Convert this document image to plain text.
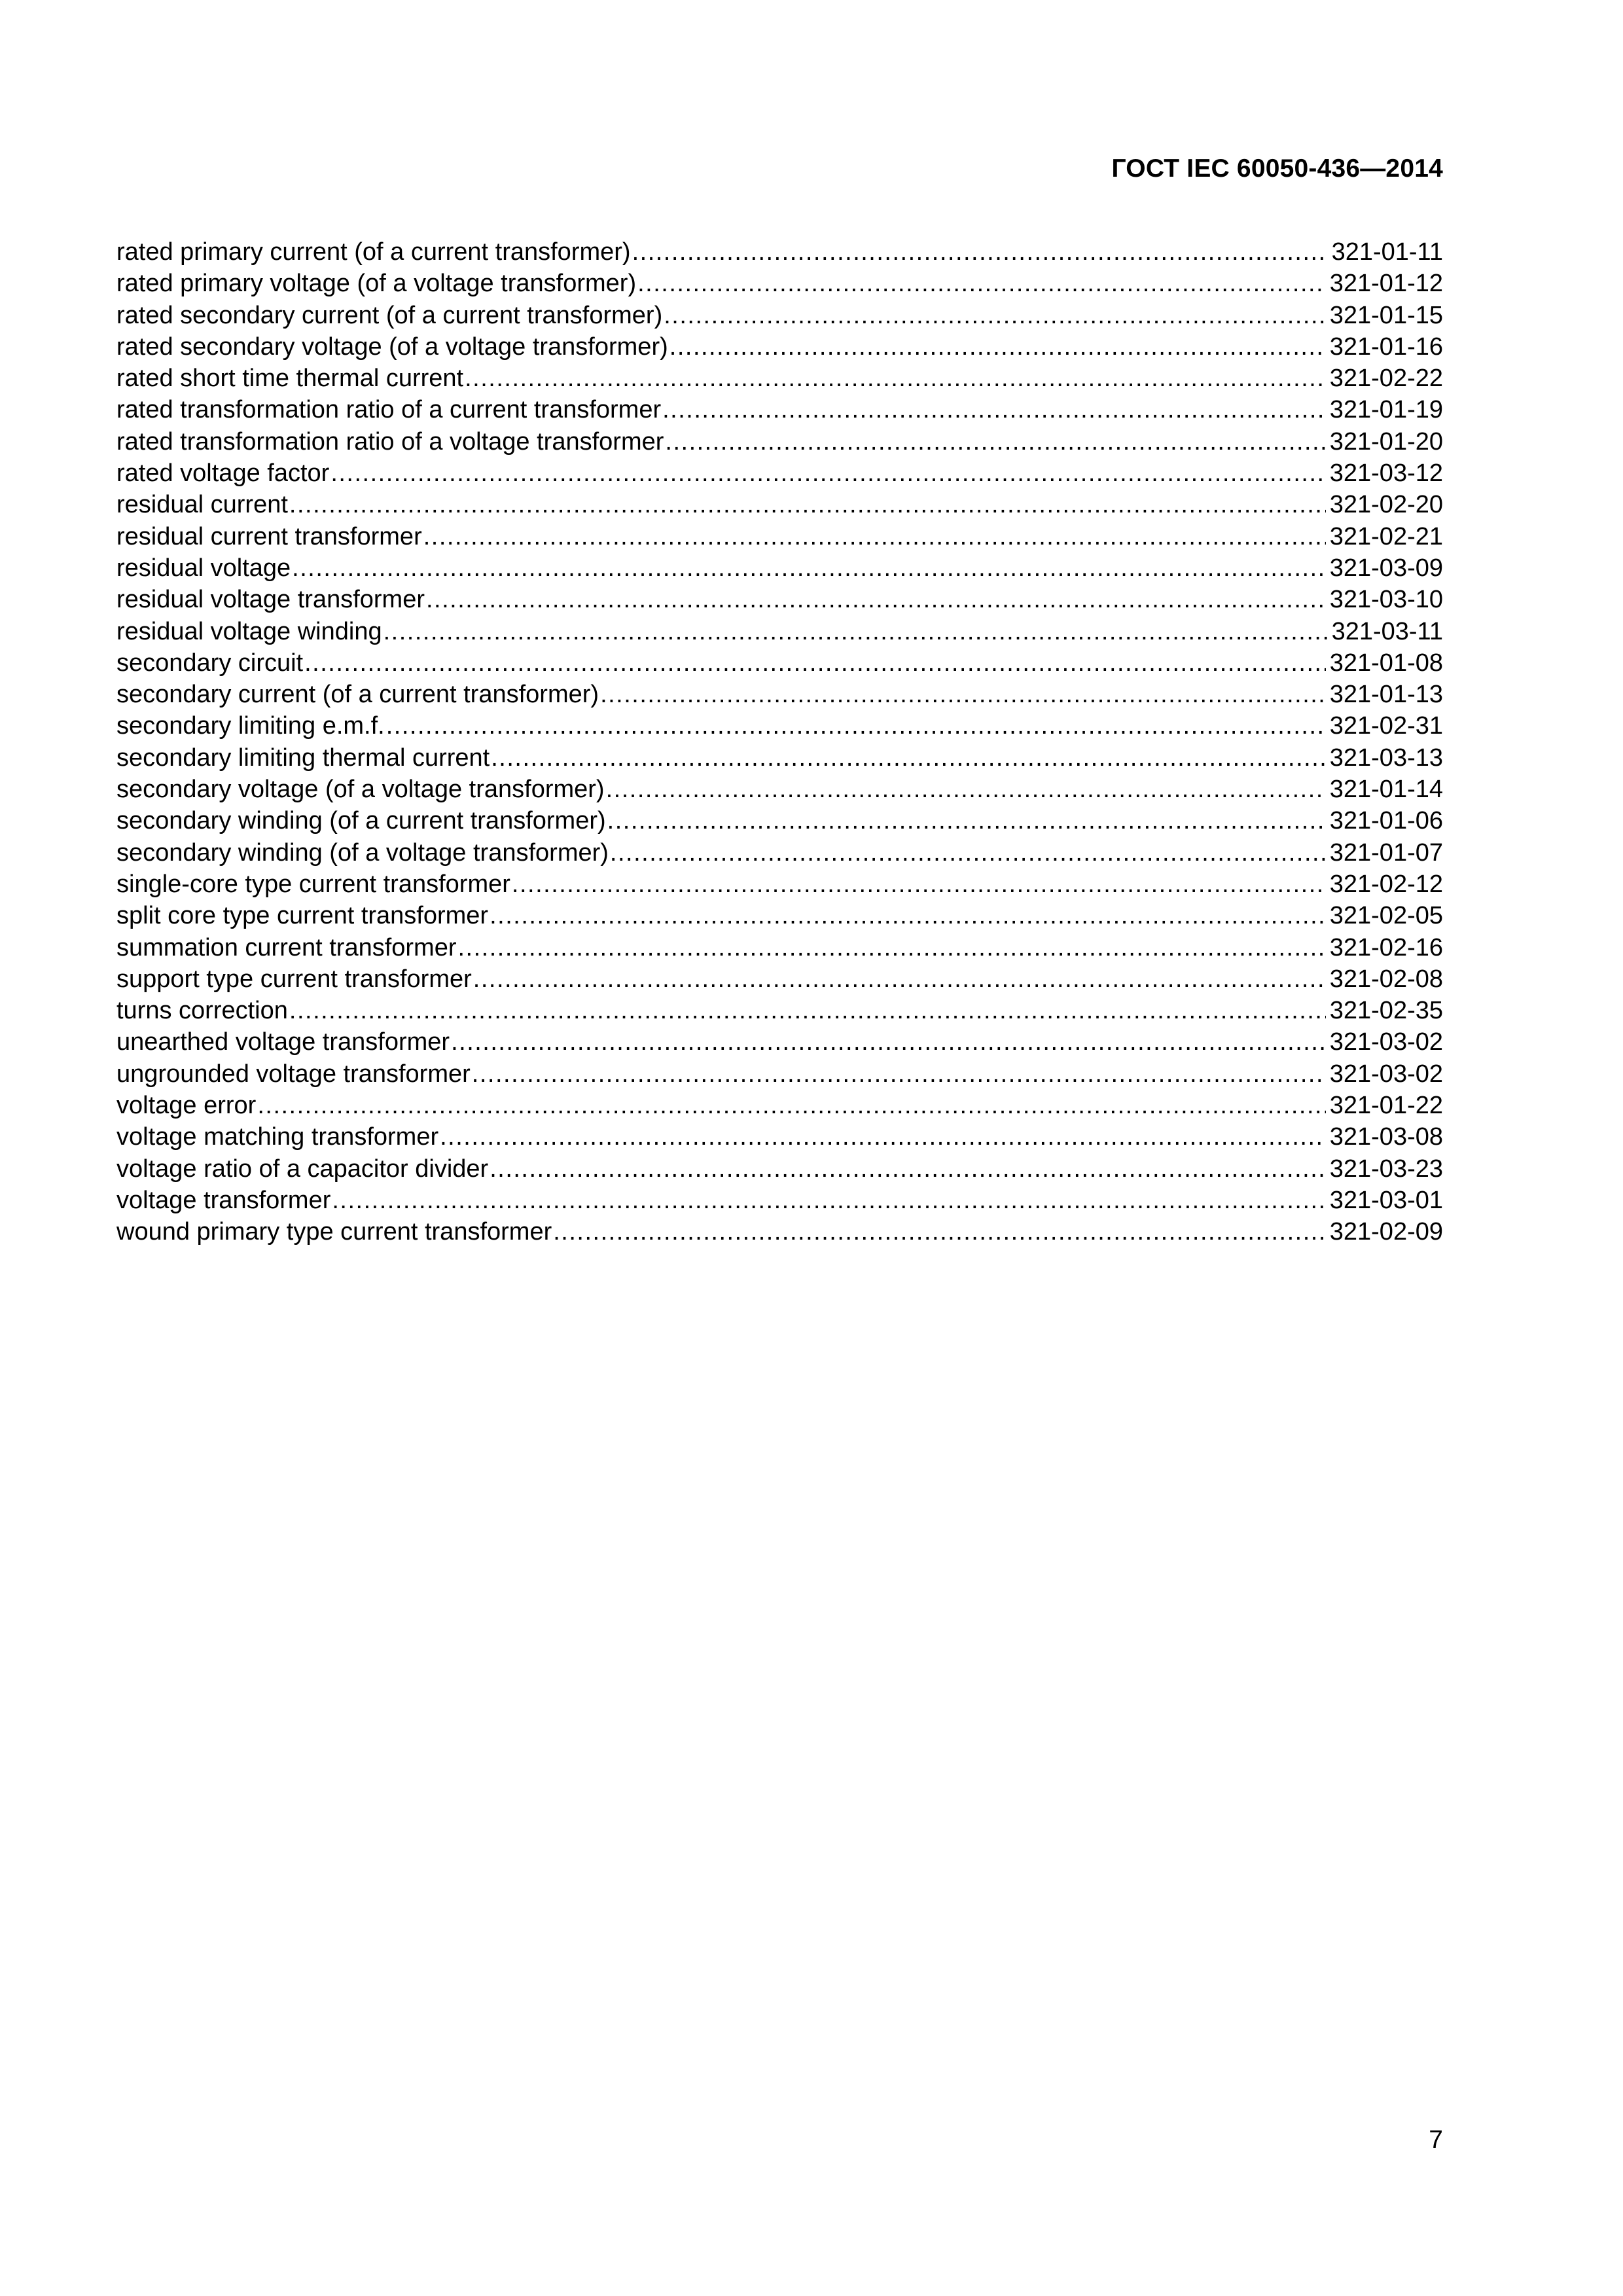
ГОСТ IEC 60050-436—2014
rated primary current (of a current transformer) .....	321-01-11
rated primary voltage (of a voltage transformer) .....	321-01-12
rated secondary current (of a current transformer) .....	321-01-15
rated secondary voltage (of a voltage transformer) .....	321-01-16
rated short time thermal current .....	321-02-22
rated transformation ratio of a current transformer .....	321-01-19
rated transformation ratio of a voltage transformer .....	321-01-20
rated voltage factor .....	321-03-12
residual current .....	321-02-20
residual current transformer .....	321-02-21
residual voltage .....	321-03-09
residual voltage transformer .....	321-03-10
residual voltage winding .....	321-03-11
secondary circuit .....	321-01-08
secondary current (of a current transformer) .....	321-01-13
secondary limiting e.m.f. .....	321-02-31
secondary limiting thermal current .....	321-03-13
secondary voltage (of a voltage transformer) .....	321-01-14
secondary winding (of a current transformer) .....	321-01-06
secondary winding (of a voltage transformer) .....	321-01-07
single-core type current transformer .....	321-02-12
split core type current transformer .....	321-02-05
summation current transformer .....	321-02-16
support type current transformer .....	321-02-08
turns correction .....	321-02-35
unearthed voltage transformer .....	321-03-02
ungrounded voltage transformer .....	321-03-02
voltage error .....	321-01-22
voltage matching transformer .....	321-03-08
voltage ratio of a capacitor divider .....	321-03-23
voltage transformer .....	321-03-01
wound primary type current transformer .....	321-02-09
7
